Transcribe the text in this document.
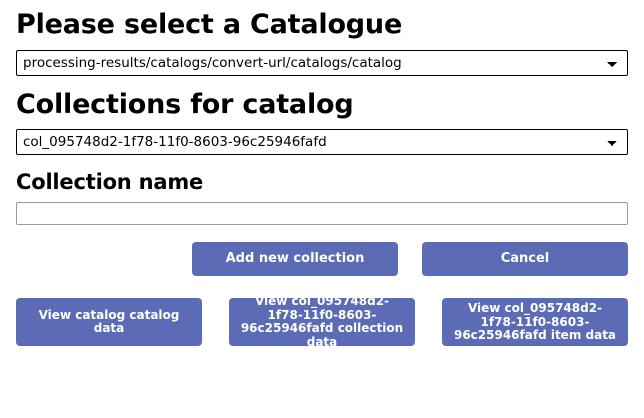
Please select a Catalogue
processing-results/catalogs/convert-url/catalogs/catalog
Collections for catalog
col_095748d2-1f78-11f0-8603-96c25946fafd
Collection name
Add new collection	Cancel
View catalog catalog data
View col_095748d2-1f78-11f0-8603-96c25946fafd collection data
View col_095748d2-1f78-11f0-8603-96c25946fafd item data
